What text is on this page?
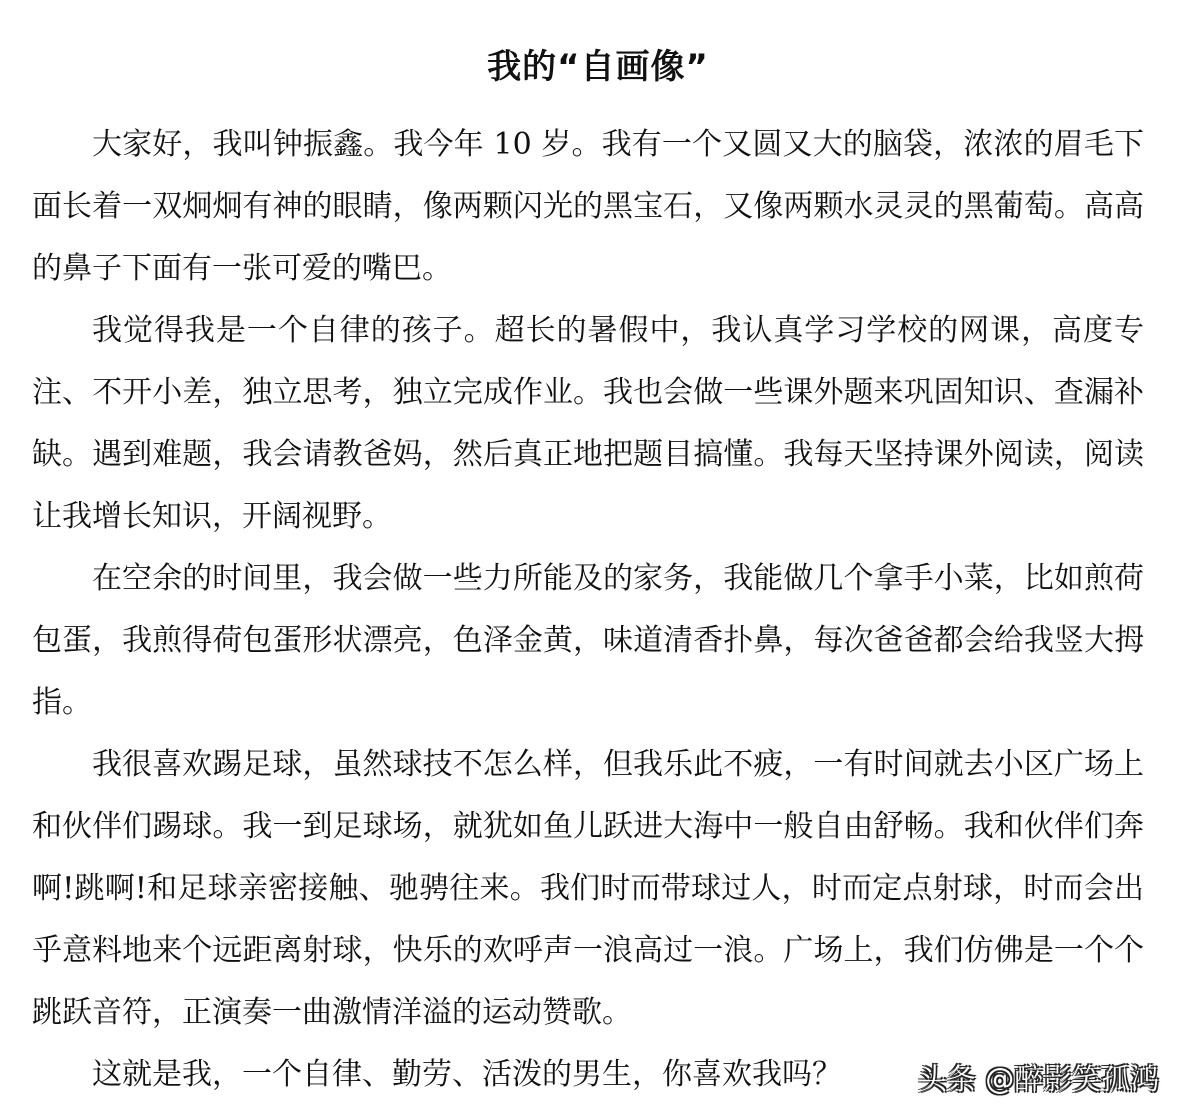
我的“自画像”

大家好，我叫钟振鑫。我今年 10 岁。我有一个又圆又大的脑袋，浓浓的眉毛下面长着一双炯炯有神的眼睛，像两颗闪光的黑宝石，又像两颗水灵灵的黑葡萄。高高的鼻子下面有一张可爱的嘴巴。

我觉得我是一个自律的孩子。超长的暑假中，我认真学习学校的网课，高度专注、不开小差，独立思考，独立完成作业。我也会做一些课外题来巩固知识、查漏补缺。遇到难题，我会请教爸妈，然后真正地把题目搞懂。我每天坚持课外阅读，阅读让我增长知识，开阔视野。

在空余的时间里，我会做一些力所能及的家务，我能做几个拿手小菜，比如煎荷包蛋，我煎得荷包蛋形状漂亮，色泽金黄，味道清香扑鼻，每次爸爸都会给我竖大拇指。

我很喜欢踢足球，虽然球技不怎么样，但我乐此不疲，一有时间就去小区广场上和伙伴们踢球。我一到足球场，就犹如鱼儿跃进大海中一般自由舒畅。我和伙伴们奔啊!跳啊!和足球亲密接触、驰骋往来。我们时而带球过人，时而定点射球，时而会出乎意料地来个远距离射球，快乐的欢呼声一浪高过一浪。广场上，我们仿佛是一个个跳跃音符，正演奏一曲激情洋溢的运动赞歌。

这就是我，一个自律、勤劳、活泼的男生，你喜欢我吗？	头条 @醉影笑孤鸿
